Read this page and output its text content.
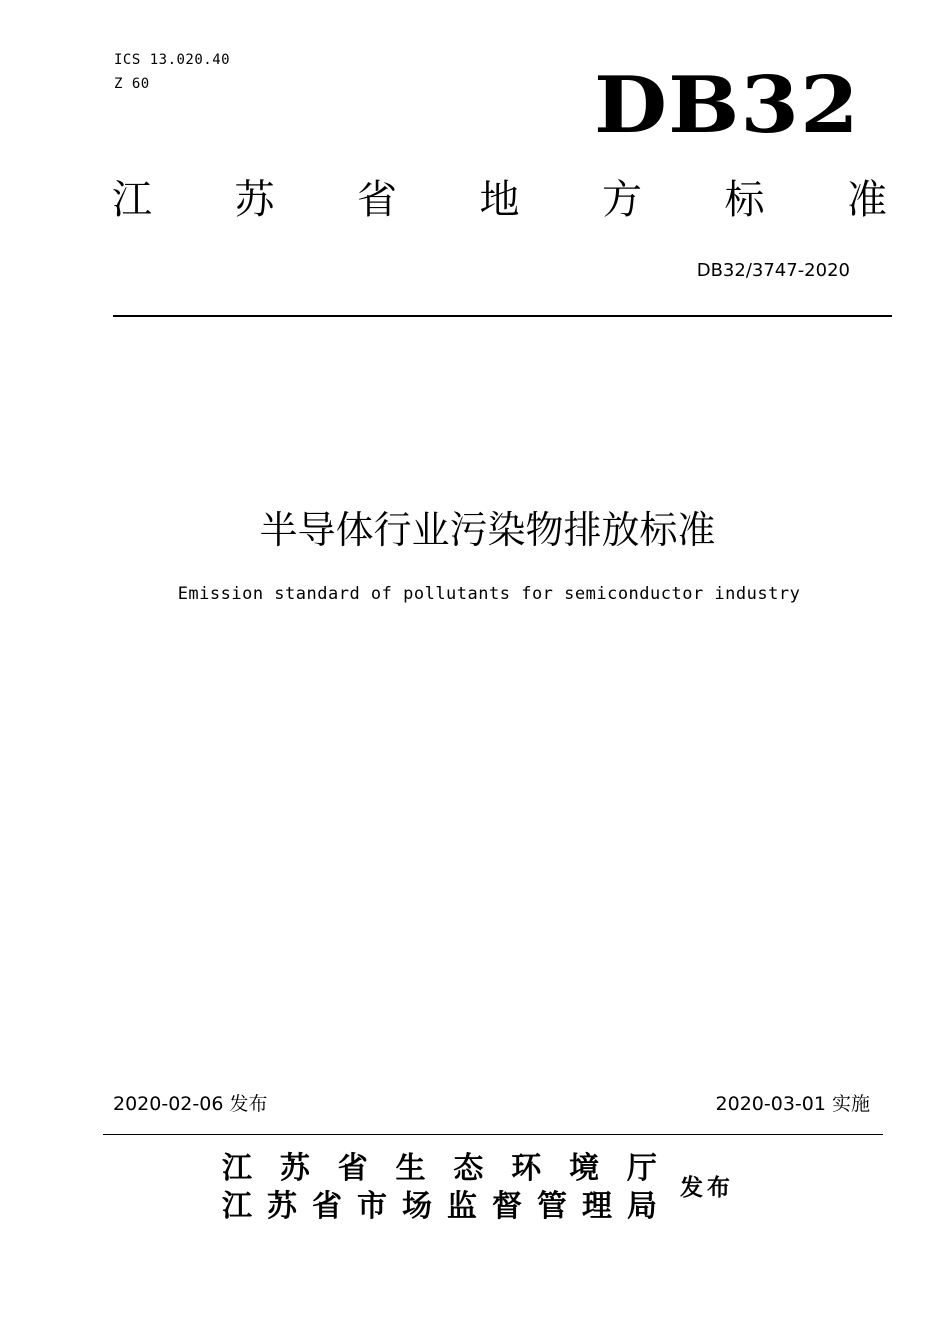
ICS 13.020.40
Z 60	DB32
江 苏 省 地 方 标 准
DB32/3747-2020
半导体行业污染物排放标准
Emission standard of pollutants for semiconductor industry
2020-02-06 发布	2020-03-01 实施
江 苏 省 生 态 环 境 厅
江 苏 省 市 场 监 督 管 理 局
发布
